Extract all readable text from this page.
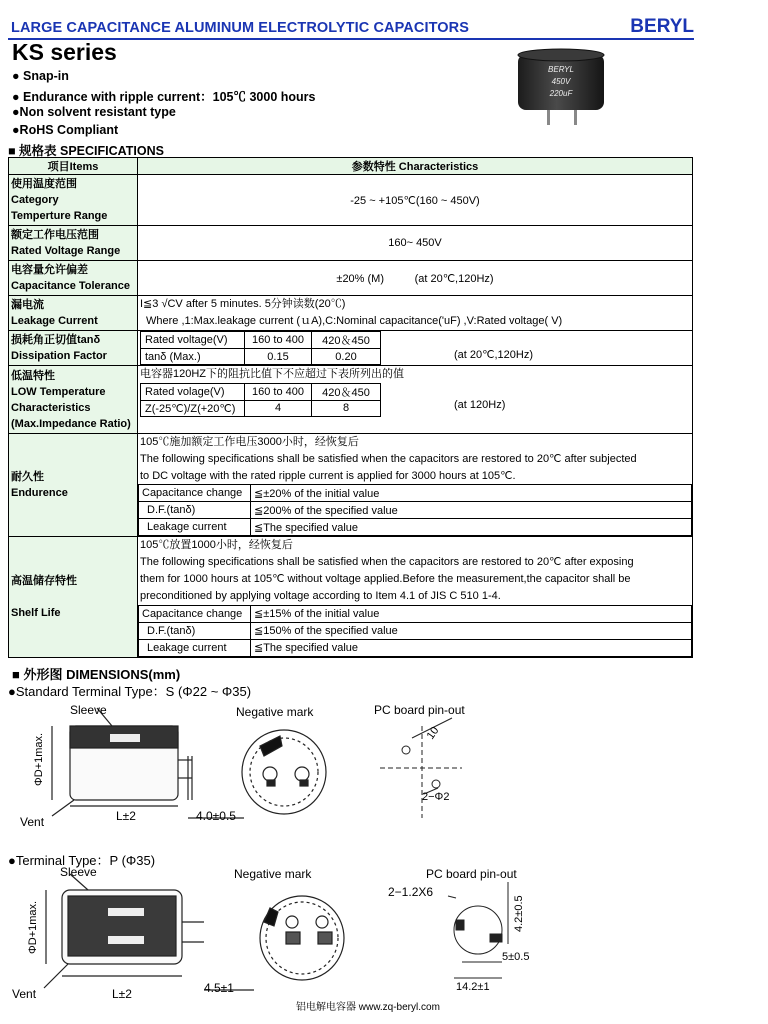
LARGE CAPACITANCE ALUMINUM ELECTROLYTIC CAPACITORS	BERYL
KS series
● Snap-in
● Endurance with ripple current：105℃ 3000 hours
●Non solvent resistant type
●RoHS Compliant
■ 规格表 SPECIFICATIONS
BERYL
450V
220uF
项目Items	参数特性 Characteristics

使用温度范围
Category
Temperture Range
	-25 ~ +105℃(160 ~ 450V)

额定工作电压范围
Rated Voltage Range
	160~ 450V

电容量允许偏差
Capacitance Tolerance
	±20% (M)          (at 20℃,120Hz)

漏电流
Leakage Current

I≦3 √CV after 5 minutes. 5分钟读数(20℃)
Where ,1:Max.leakage current (ｕA),C:Nominal capacitance('uF) ,V:Rated voltage( V)

损耗角正切值tanδ
Dissipation Factor

Rated voltage(V)	160 to 400	420＆450
tanδ (Max.)	0.15	0.20	(at 20℃,120Hz)

低温特性
LOW Temperature
Characteristics
(Max.Impedance Ratio)

电容器120HZ下的阻抗比值下不应超过下表所列出的值
Rated volage(V)	160 to 400	420＆450
Z(-25℃)/Z(+20℃)	4	8	(at 120Hz)

耐久性
Endurence

105℃施加额定工作电压3000小时，经恢复后
The following specifications shall be satisfied when the capacitors are restored to 20℃ after subjected
to DC voltage with the rated ripple current is applied for 3000 hours at 105℃.
Capacitance change	≦±20% of the initial value
D.F.(tanδ)	≦200% of the specified value
Leakage current	≦The specified value

高温储存特性
Shelf Life

105℃放置1000小时，经恢复后
The following specifications shall be satisfied when the capacitors are restored to 20℃ after exposing
them for 1000 hours at 105℃ without voltage applied.Before the measurement,the capacitor shall be
preconditioned by applying voltage according to Item 4.1 of JIS C 510 1-4.
Capacitance change	≦±15% of the initial value
D.F.(tanδ)	≦150% of the specified value
Leakage current	≦The specified value
■ 外形图 DIMENSIONS(mm)
●Standard Terminal Type：S (Φ22 ~ Φ35)
Sleeve
ΦD+1max.
Vent	L±2	4.0±0.5
Negative mark	PC board pin-out
10
2−Φ2
●Terminal Type：P (Φ35)
Sleeve
ΦD+1max.
Vent	L±2	4.5±1
Negative mark	PC board pin-out
2−1.2X6
4.2±0.5
5±0.5
14.2±1
铝电解电容器 www.zq-beryl.com
